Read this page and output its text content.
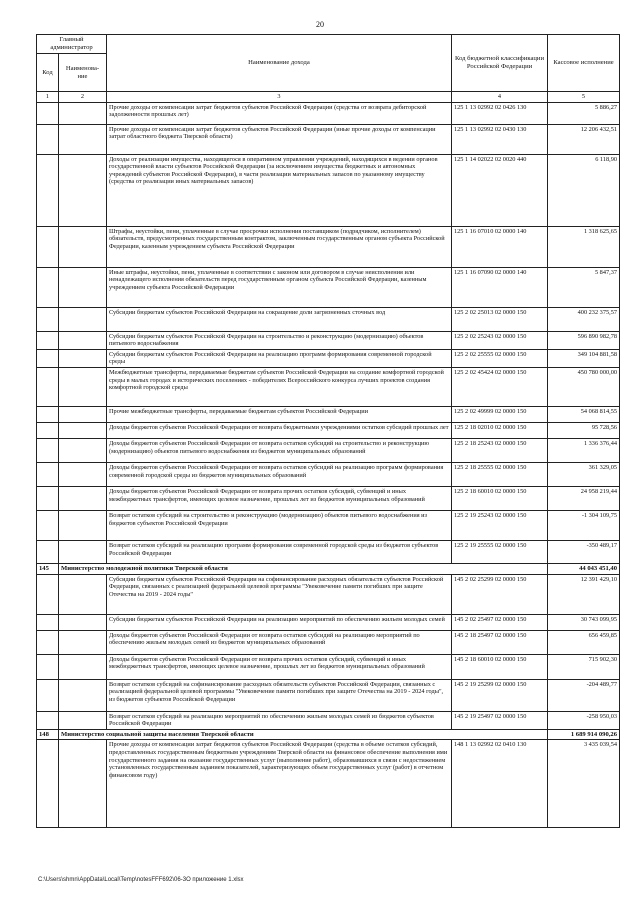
20
Главный администратор		Наименование дохода	Код бюджетной классификации Российской Федерации	Кассовое исполнение
Код	Наименова-ние			
1	2	3	4	5
		Прочие доходы от компенсации затрат бюджетов субъектов Российской Федерации (средства от возврата дебиторской задолженности прошлых лет)	125 1 13 02992 02 0426 130	5 886,27
		Прочие доходы от компенсации затрат бюджетов субъектов Российской Федерации (иные прочие доходы от компенсации затрат областного бюджета Тверской области)	125 1 13 02992 02 0430 130	12 206 432,51
		Доходы от реализации имущества, находящегося в оперативном управлении учреждений, находящихся в ведении органов государственной власти субъектов Российской Федерации (за исключением имущества бюджетных и автономных учреждений субъектов Российской Федерации), в части реализации материальных запасов по указанному имуществу (средства от реализации иных материальных запасов)	125 1 14 02022 02 0020 440	6 118,90
		Штрафы, неустойки, пени, уплаченные в случае просрочки исполнения поставщиком (подрядчиком, исполнителем) обязательств, предусмотренных государственным контрактом, заключенным государственным органом субъекта Российской Федерации, казенным учреждением субъекта Российской Федерации	125 1 16 07010 02 0000 140	1 318 625,65
		Иные штрафы, неустойки, пени, уплаченные в соответствии с законом или договором в случае неисполнения или ненадлежащего исполнения обязательств перед государственным органом субъекта Российской Федерации, казенным учреждением субъекта Российской Федерации	125 1 16 07090 02 0000 140	5 847,37
		Субсидии бюджетам субъектов Российской Федерации на сокращение доли загрязненных сточных вод	125 2 02 25013 02 0000 150	400 232 375,57
		Субсидии бюджетам субъектов Российской Федерации на строительство и реконструкцию (модернизацию) объектов питьевого водоснабжения	125 2 02 25243 02 0000 150	596 890 982,78
		Субсидии бюджетам субъектов Российской Федерации на реализацию программ формирования современной городской среды	125 2 02 25555 02 0000 150	349 104 881,58
		Межбюджетные трансферты, передаваемые бюджетам субъектов Российской Федерации на создание комфортной городской среды в малых городах и исторических поселениях - победителях Всероссийского конкурса лучших проектов создания комфортной городской среды	125 2 02 45424 02 0000 150	450 780 000,00
		Прочие межбюджетные трансферты, передаваемые бюджетам субъектов Российской Федерации	125 2 02 49999 02 0000 150	54 068 814,55
		Доходы бюджетов субъектов Российской Федерации от возврата бюджетными учреждениями остатков субсидий прошлых лет	125 2 18 02010 02 0000 150	95 728,56
		Доходы бюджетов субъектов Российской Федерации от возврата остатков субсидий на строительство и реконструкцию (модернизацию) объектов питьевого водоснабжения из бюджетов муниципальных образований	125 2 18 25243 02 0000 150	1 336 376,44
		Доходы бюджетов субъектов Российской Федерации от возврата остатков субсидий на реализацию программ формирования современной городской среды из бюджетов муниципальных образований	125 2 18 25555 02 0000 150	361 329,05
		Доходы бюджетов субъектов Российской Федерации от возврата прочих остатков субсидий, субвенций и иных межбюджетных трансфертов, имеющих целевое назначение, прошлых лет из бюджетов муниципальных образований	125 2 18 60010 02 0000 150	24 958 219,44
		Возврат остатков субсидий на строительство и реконструкцию (модернизацию) объектов питьевого водоснабжения из бюджетов субъектов Российской Федерации	125 2 19 25243 02 0000 150	-1 304 109,75
		Возврат остатков субсидий на реализацию программ формирования современной городской среды из бюджетов субъектов Российской Федерации	125 2 19 25555 02 0000 150	-350 489,17
145	Министерство молодежной политики Тверской области			44 043 451,40
		Субсидии бюджетам субъектов Российской Федерации на софинансирование расходных обязательств субъектов Российской Федерации, связанных с реализацией федеральной целевой программы "Увековечение памяти погибших при защите Отечества на 2019 - 2024 годы"	145 2 02 25299 02 0000 150	12 391 429,10
		Субсидии бюджетам субъектов Российской Федерации на реализацию мероприятий по обеспечению жильем молодых семей	145 2 02 25497 02 0000 150	30 743 099,95
		Доходы бюджетов субъектов Российской Федерации от возврата остатков субсидий на реализацию мероприятий по обеспечению жильем молодых семей из бюджетов муниципальных образований	145 2 18 25497 02 0000 150	656 459,85
		Доходы бюджетов субъектов Российской Федерации от возврата прочих остатков субсидий, субвенций и иных межбюджетных трансфертов, имеющих целевое назначение, прошлых лет из бюджетов муниципальных образований	145 2 18 60010 02 0000 150	715 902,30
		Возврат остатков субсидий на софинансирование расходных обязательств субъектов Российской Федерации, связанных с реализацией федеральной целевой программы "Увековечение памяти погибших при защите Отечества на 2019 - 2024 годы", из бюджетов субъектов Российской Федерации	145 2 19 25299 02 0000 150	-204 489,77
		Возврат остатков субсидий на реализацию мероприятий по обеспечению жильем молодых семей из бюджетов субъектов Российской Федерации	145 2 19 25497 02 0000 150	-258 950,03
148	Министерство социальной защиты населения Тверской области			1 689 914 090,26
		Прочие доходы от компенсации затрат бюджетов субъектов Российской Федерации (средства в объеме остатков субсидий, предоставленных государственным бюджетным учреждениям Тверской области на финансовое обеспечение выполнения ими государственного задания на оказание государственных услуг (выполнение работ), образовавшихся в связи с недостижением установленных государственным заданием показателей, характеризующих объем государственных услуг (работ) в отчетном финансовом году)	148 1 13 02992 02 0410 130	3 435 039,54
C:\Users\shmn\AppData\Local\Temp\notesFFF692\06-3О приложение 1.xlsx
